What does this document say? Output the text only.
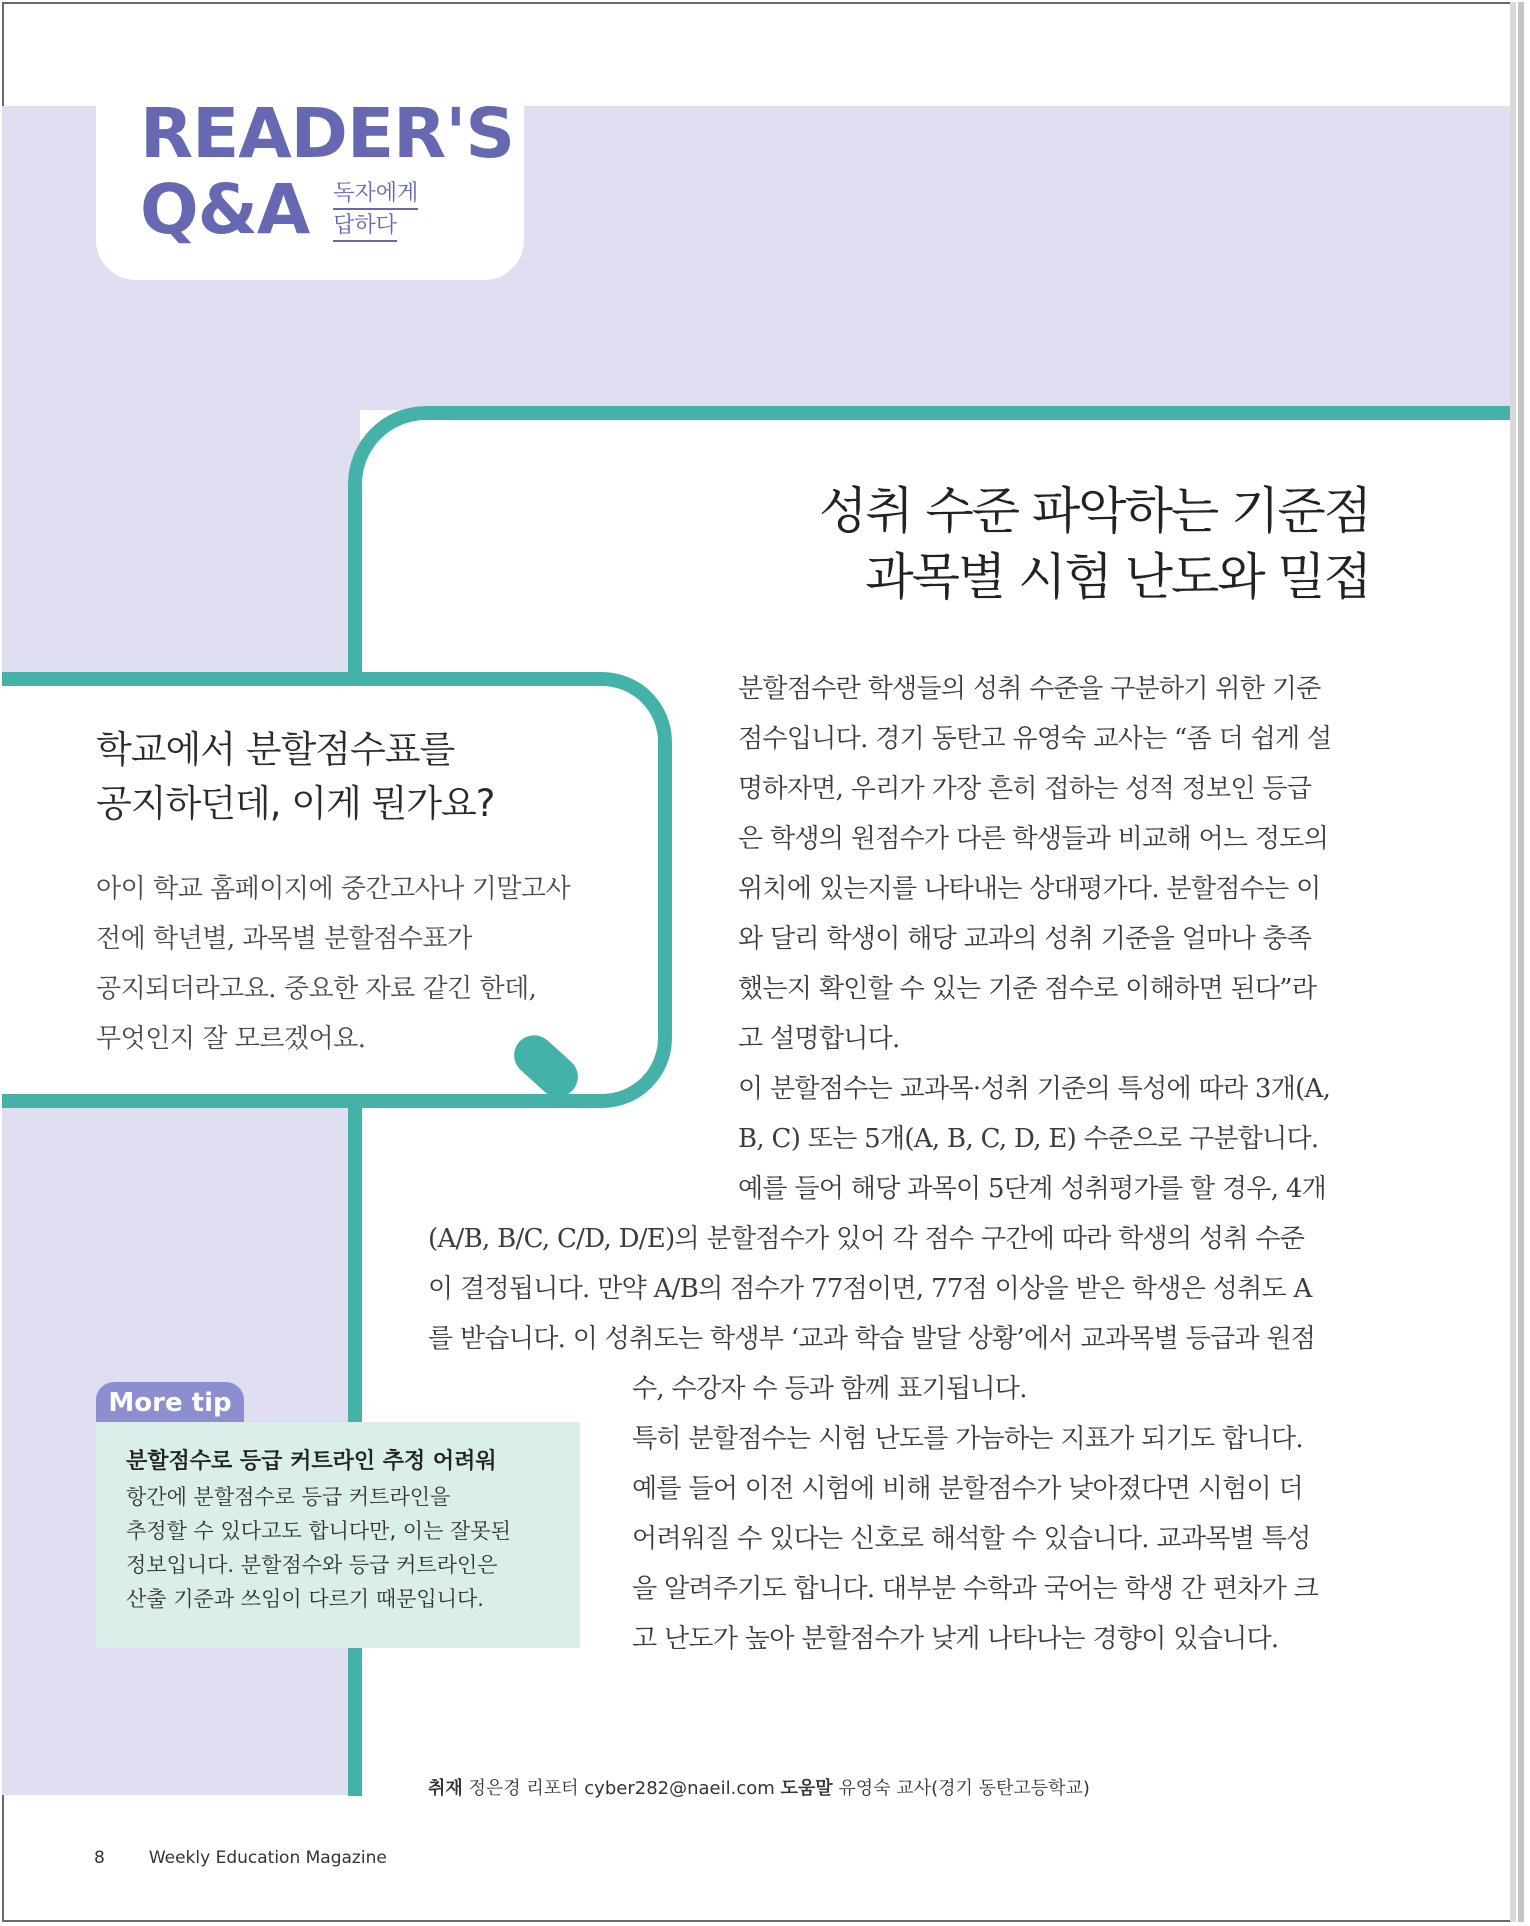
READER'S
Q&A 독자에게
답하다
성취 수준 파악하는 기준점
과목별 시험 난도와 밀접
학교에서 분할점수표를
공지하던데, 이게 뭔가요?
아이 학교 홈페이지에 중간고사나 기말고사
전에 학년별, 과목별 분할점수표가
공지되더라고요. 중요한 자료 같긴 한데,
무엇인지 잘 모르겠어요.
분할점수란 학생들의 성취 수준을 구분하기 위한 기준
점수입니다. 경기 동탄고 유영숙 교사는 “좀 더 쉽게 설
명하자면, 우리가 가장 흔히 접하는 성적 정보인 등급
은 학생의 원점수가 다른 학생들과 비교해 어느 정도의
위치에 있는지를 나타내는 상대평가다. 분할점수는 이
와 달리 학생이 해당 교과의 성취 기준을 얼마나 충족
했는지 확인할 수 있는 기준 점수로 이해하면 된다”라
고 설명합니다.
이 분할점수는 교과목·성취 기준의 특성에 따라 3개(A,
B, C) 또는 5개(A, B, C, D, E) 수준으로 구분합니다.
예를 들어 해당 과목이 5단계 성취평가를 할 경우, 4개
(A/B, B/C, C/D, D/E)의 분할점수가 있어 각 점수 구간에 따라 학생의 성취 수준
이 결정됩니다. 만약 A/B의 점수가 77점이면, 77점 이상을 받은 학생은 성취도 A
를 받습니다. 이 성취도는 학생부 ‘교과 학습 발달 상황’에서 교과목별 등급과 원점
수, 수강자 수 등과 함께 표기됩니다.
특히 분할점수는 시험 난도를 가늠하는 지표가 되기도 합니다.
예를 들어 이전 시험에 비해 분할점수가 낮아졌다면 시험이 더
어려워질 수 있다는 신호로 해석할 수 있습니다. 교과목별 특성
을 알려주기도 합니다. 대부분 수학과 국어는 학생 간 편차가 크
고 난도가 높아 분할점수가 낮게 나타나는 경향이 있습니다.
More tip
분할점수로 등급 커트라인 추정 어려워
항간에 분할점수로 등급 커트라인을
추정할 수 있다고도 합니다만, 이는 잘못된
정보입니다. 분할점수와 등급 커트라인은
산출 기준과 쓰임이 다르기 때문입니다.
취재 정은경 리포터 cyber282@naeil.com 도움말 유영숙 교사(경기 동탄고등학교)
8	Weekly Education Magazine
